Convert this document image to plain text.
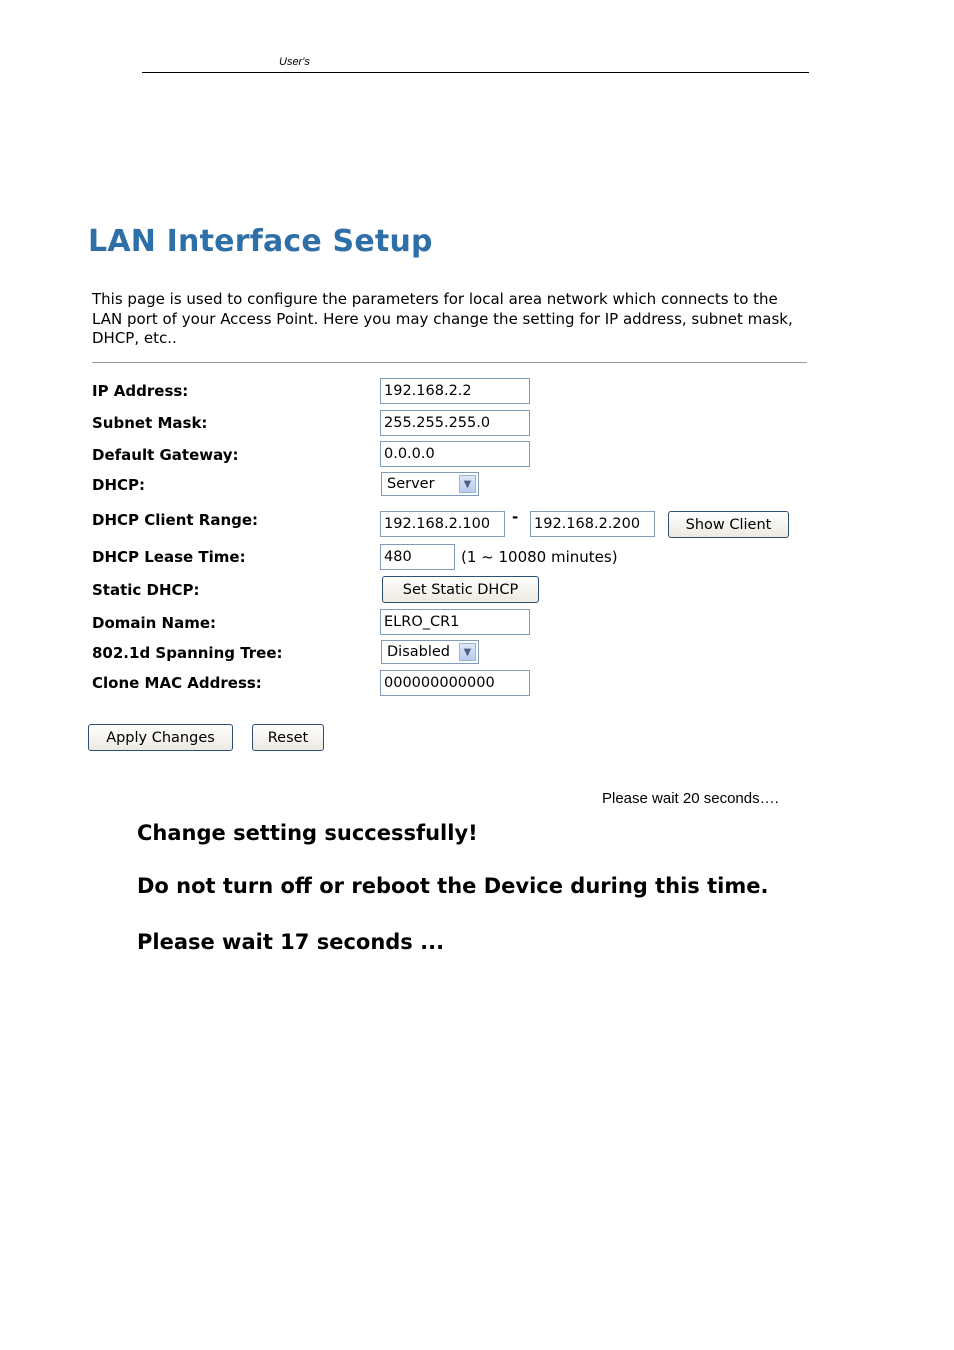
User's
LAN Interface Setup

This page is used to configure the parameters for local area network which connects to the LAN port of your Access Point. Here you may change the setting for IP address, subnet mask, DHCP, etc..

IP Address:	192.168.2.2
Subnet Mask:	255.255.255.0
Default Gateway:	0.0.0.0
DHCP:	Server	▼
DHCP Client Range:	192.168.2.100	- 192.168.2.200	Show Client
DHCP Lease Time:	480	(1 ~ 10080 minutes)
Static DHCP:	Set Static DHCP
Domain Name:	ELRO_CR1
802.1d Spanning Tree:	Disabled	▼
Clone MAC Address:	000000000000
Apply Changes	Reset
Please wait 20 seconds….
Change setting successfully!
Do not turn off or reboot the Device during this time.
Please wait 17 seconds ...
